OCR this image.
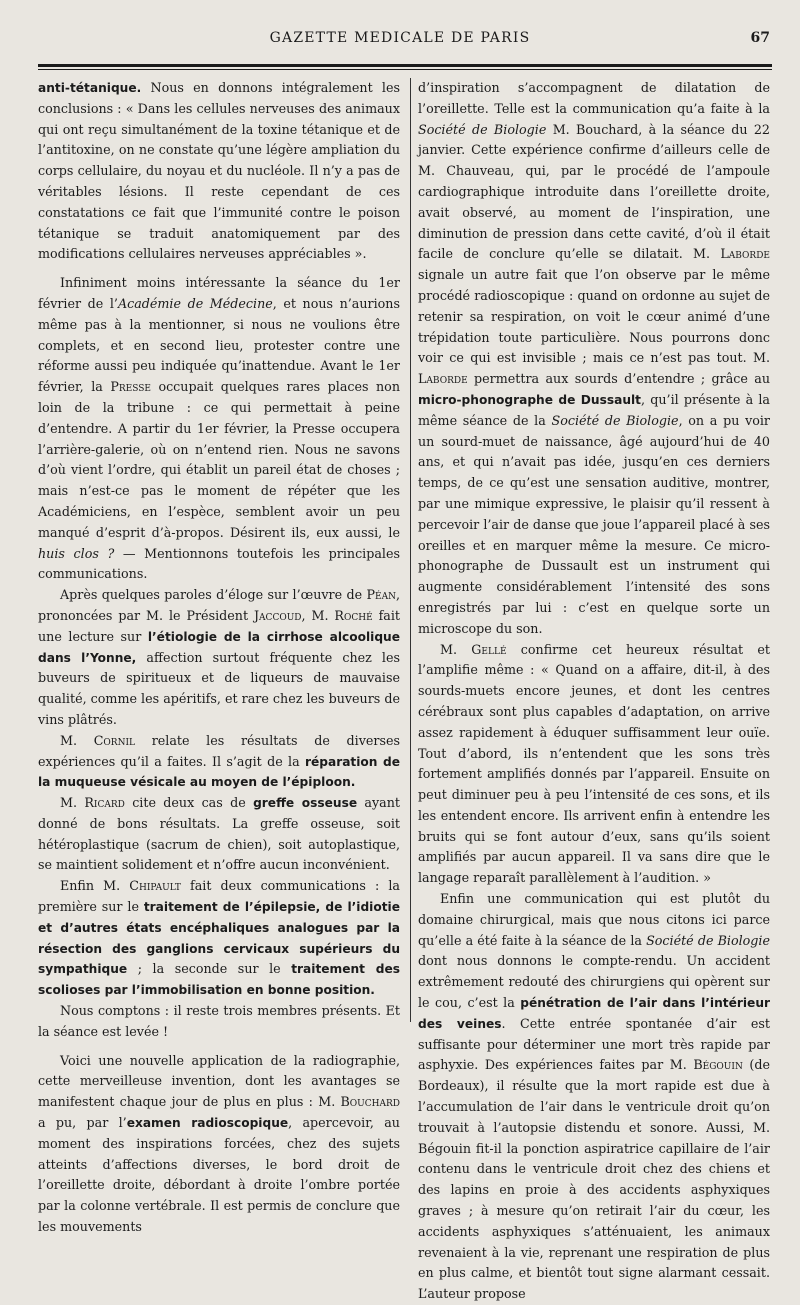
GAZETTE MEDICALE DE PARIS	67

anti-tétanique. Nous en donnons intégralement les conclusions : « Dans les cellules nerveuses des animaux qui ont reçu simultanément de la toxine tétanique et de l’antitoxine, on ne constate qu’une légère ampliation du corps cellulaire, du noyau et du nucléole. Il n’y a pas de véritables lésions. Il reste cependant de ces constatations ce fait que l’immunité contre le poison tétanique se traduit anatomiquement par des modifications cellulaires nerveuses appréciables ».

Infiniment moins intéressante la séance du 1er février de l’Académie de Médecine, et nous n’aurions même pas à la mentionner, si nous ne voulions être complets, et en second lieu, protester contre une réforme aussi peu indiquée qu’inattendue. Avant le 1er février, la Presse occupait quelques rares places non loin de la tribune : ce qui permettait à peine d’entendre. A partir du 1er février, la Presse occupera l’arrière-galerie, où on n’entend rien. Nous ne savons d’où vient l’ordre, qui établit un pareil état de choses ; mais n’est-ce pas le moment de répéter que les Académiciens, en l’espèce, semblent avoir un peu manqué d’esprit d’à-propos. Désirent ils, eux aussi, le huis clos ? — Mentionnons toutefois les principales communications.

Après quelques paroles d’éloge sur l’œuvre de Péan, prononcées par M. le Président Jaccoud, M. Roché fait une lecture sur l’étiologie de la cirrhose alcoolique dans l’Yonne, affection surtout fréquente chez les buveurs de spiritueux et de liqueurs de mauvaise qualité, comme les apéritifs, et rare chez les buveurs de vins plâtrés.

M. Cornil relate les résultats de diverses expériences qu’il a faites. Il s’agit de la réparation de la muqueuse vésicale au moyen de l’épiploon.

M. Ricard cite deux cas de greffe osseuse ayant donné de bons résultats. La greffe osseuse, soit hétéroplastique (sacrum de chien), soit autoplastique, se maintient solidement et n’offre aucun inconvénient.

Enfin M. Chipault fait deux communications : la première sur le traitement de l’épilepsie, de l’idiotie et d’autres états encéphaliques analogues par la résection des ganglions cervicaux supérieurs du sympathique ; la seconde sur le traitement des scolioses par l’immobilisation en bonne position.

Nous comptons : il reste trois membres présents. Et la séance est levée !

Voici une nouvelle application de la radiographie, cette merveilleuse invention, dont les avantages se manifestent chaque jour de plus en plus : M. Bouchard a pu, par l’examen radioscopique, apercevoir, au moment des inspirations forcées, chez des sujets atteints d’affections diverses, le bord droit de l’oreillette droite, débordant à droite l’ombre portée par la colonne vertébrale. Il est permis de conclure que les mouvements

d’inspiration s’accompagnent de dilatation de l’oreillette. Telle est la communication qu’a faite à la Société de Biologie M. Bouchard, à la séance du 22 janvier. Cette expérience confirme d’ailleurs celle de M. Chauveau, qui, par le procédé de l’ampoule cardiographique introduite dans l’oreillette droite, avait observé, au moment de l’inspiration, une diminution de pression dans cette cavité, d’où il était facile de conclure qu’elle se dilatait. M. Laborde signale un autre fait que l’on observe par le même procédé radioscopique : quand on ordonne au sujet de retenir sa respiration, on voit le cœur animé d’une trépidation toute particulière. Nous pourrons donc voir ce qui est invisible ; mais ce n’est pas tout. M. Laborde permettra aux sourds d’entendre ; grâce au micro-phonographe de Dussault, qu’il présente à la même séance de la Société de Biologie, on a pu voir un sourd-muet de naissance, âgé aujourd’hui de 40 ans, et qui n’avait pas idée, jusqu’en ces derniers temps, de ce qu’est une sensation auditive, montrer, par une mimique expressive, le plaisir qu’il ressent à percevoir l’air de danse que joue l’appareil placé à ses oreilles et en marquer même la mesure. Ce micro-phonographe de Dussault est un instrument qui augmente considérablement l’intensité des sons enregistrés par lui : c’est en quelque sorte un microscope du son.

M. Gellé confirme cet heureux résultat et l’amplifie même : « Quand on a affaire, dit-il, à des sourds-muets encore jeunes, et dont les centres cérébraux sont plus capables d’adaptation, on arrive assez rapidement à éduquer suffisamment leur ouïe. Tout d’abord, ils n’entendent que les sons très fortement amplifiés donnés par l’appareil. Ensuite on peut diminuer peu à peu l’intensité de ces sons, et ils les entendent encore. Ils arrivent enfin à entendre les bruits qui se font autour d’eux, sans qu’ils soient amplifiés par aucun appareil. Il va sans dire que le langage reparaît parallèlement à l’audition. »

Enfin une communication qui est plutôt du domaine chirurgical, mais que nous citons ici parce qu’elle a été faite à la séance de la Société de Biologie dont nous donnons le compte-rendu. Un accident extrêmement redouté des chirurgiens qui opèrent sur le cou, c’est la pénétration de l’air dans l’intérieur des veines. Cette entrée spontanée d’air est suffisante pour déterminer une mort très rapide par asphyxie. Des expériences faites par M. Bégouin (de Bordeaux), il résulte que la mort rapide est due à l’accumulation de l’air dans le ventricule droit qu’on trouvait à l’autopsie distendu et sonore. Aussi, M. Bégouin fit-il la ponction aspiratrice capillaire de l’air contenu dans le ventricule droit chez des chiens et des lapins en proie à des accidents asphyxiques graves ; à mesure qu’on retirait l’air du cœur, les accidents asphyxiques s’atténuaient, les animaux revenaient à la vie, reprenant une respiration de plus en plus calme, et bientôt tout signe alarmant cessait. L’auteur propose
